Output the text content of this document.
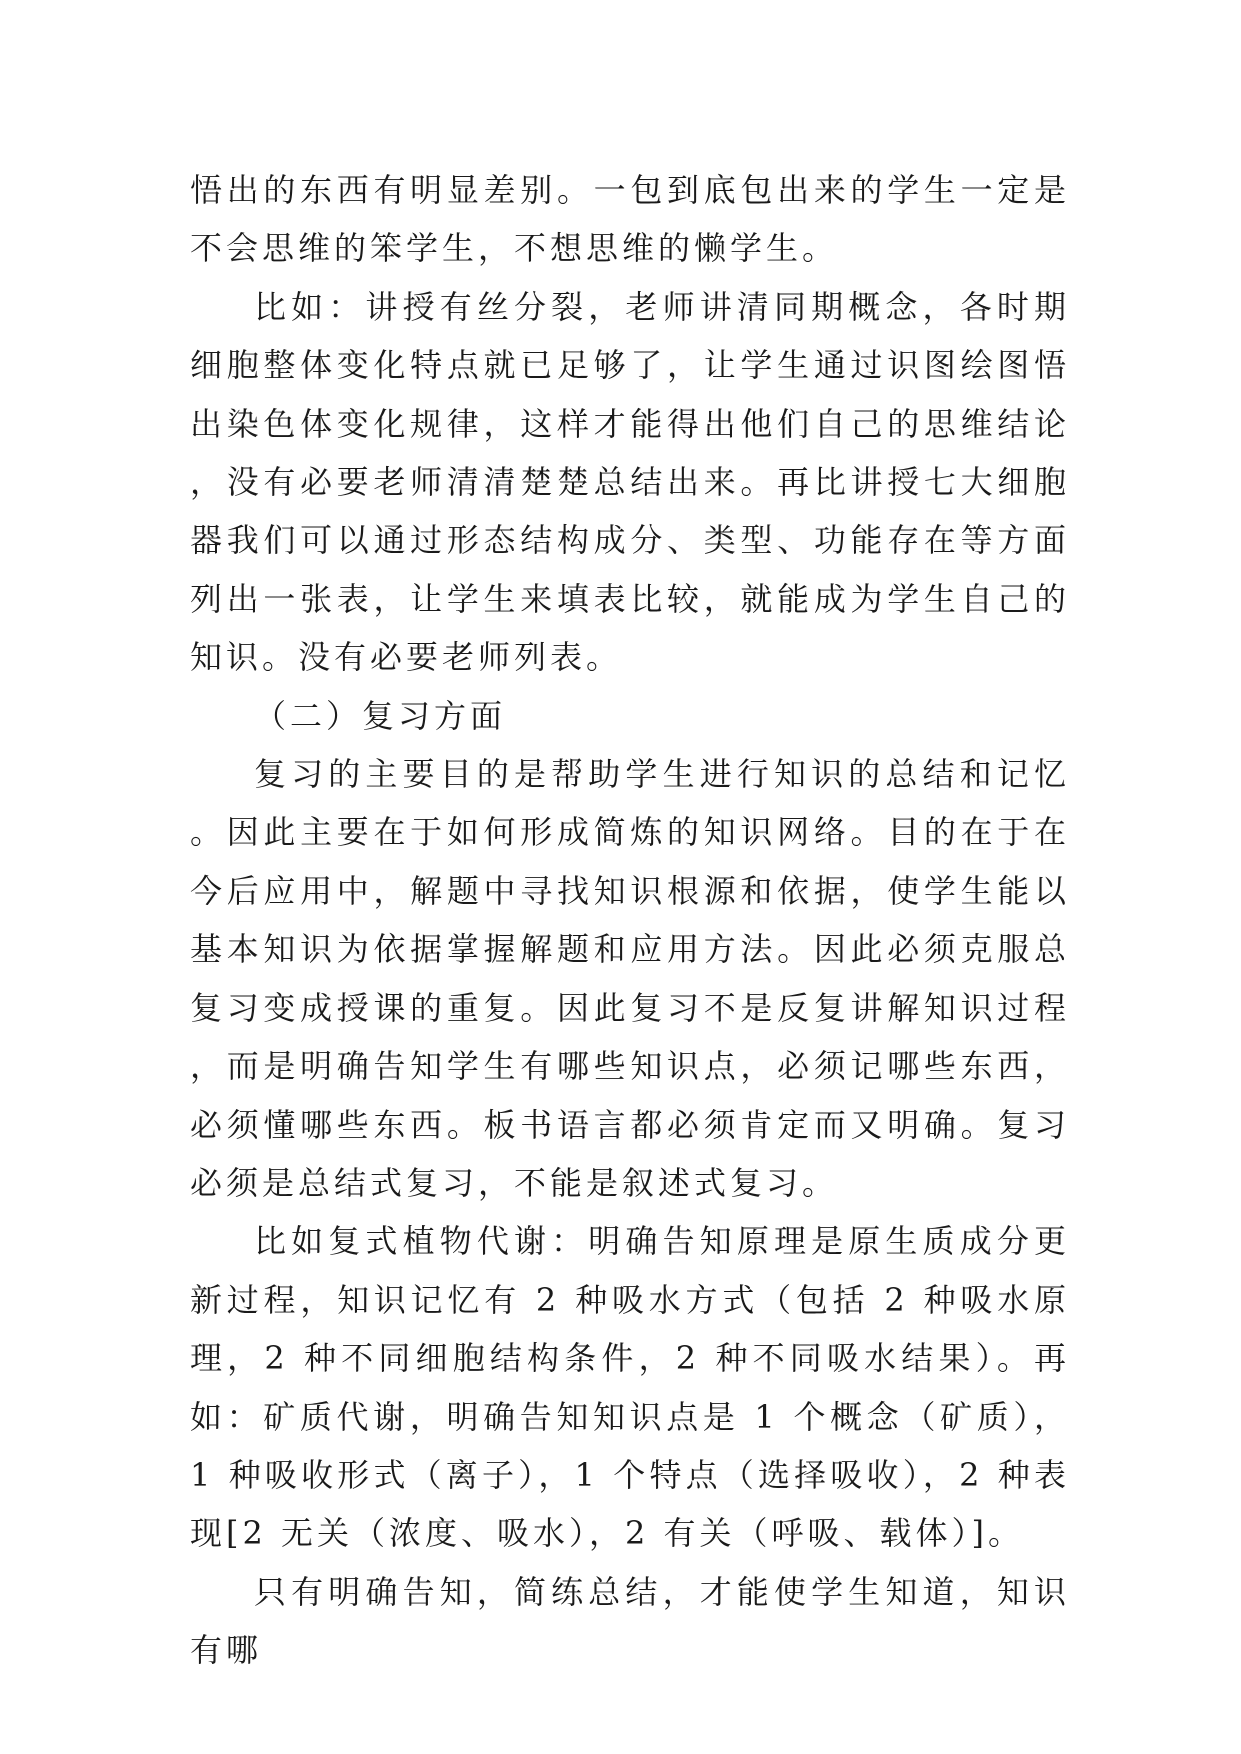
悟出的东西有明显差别。一包到底包出来的学生一定是不会思维的笨学生，不想思维的懒学生。

比如：讲授有丝分裂，老师讲清同期概念，各时期细胞整体变化特点就已足够了，让学生通过识图绘图悟出染色体变化规律，这样才能得出他们自己的思维结论，没有必要老师清清楚楚总结出来。再比讲授七大细胞器我们可以通过形态结构成分、类型、功能存在等方面列出一张表，让学生来填表比较，就能成为学生自己的知识。没有必要老师列表。

（二）复习方面

复习的主要目的是帮助学生进行知识的总结和记忆。因此主要在于如何形成简炼的知识网络。目的在于在今后应用中，解题中寻找知识根源和依据，使学生能以基本知识为依据掌握解题和应用方法。因此必须克服总复习变成授课的重复。因此复习不是反复讲解知识过程，而是明确告知学生有哪些知识点，必须记哪些东西，必须懂哪些东西。板书语言都必须肯定而又明确。复习必须是总结式复习，不能是叙述式复习。

比如复式植物代谢：明确告知原理是原生质成分更新过程，知识记忆有 2 种吸水方式（包括 2 种吸水原理，2 种不同细胞结构条件，2 种不同吸水结果）。再如：矿质代谢，明确告知知识点是 1 个概念（矿质），1 种吸收形式（离子），1 个特点（选择吸收），2 种表现[2 无关（浓度、吸水），2 有关（呼吸、载体）]。

只有明确告知，简练总结，才能使学生知道，知识有哪
